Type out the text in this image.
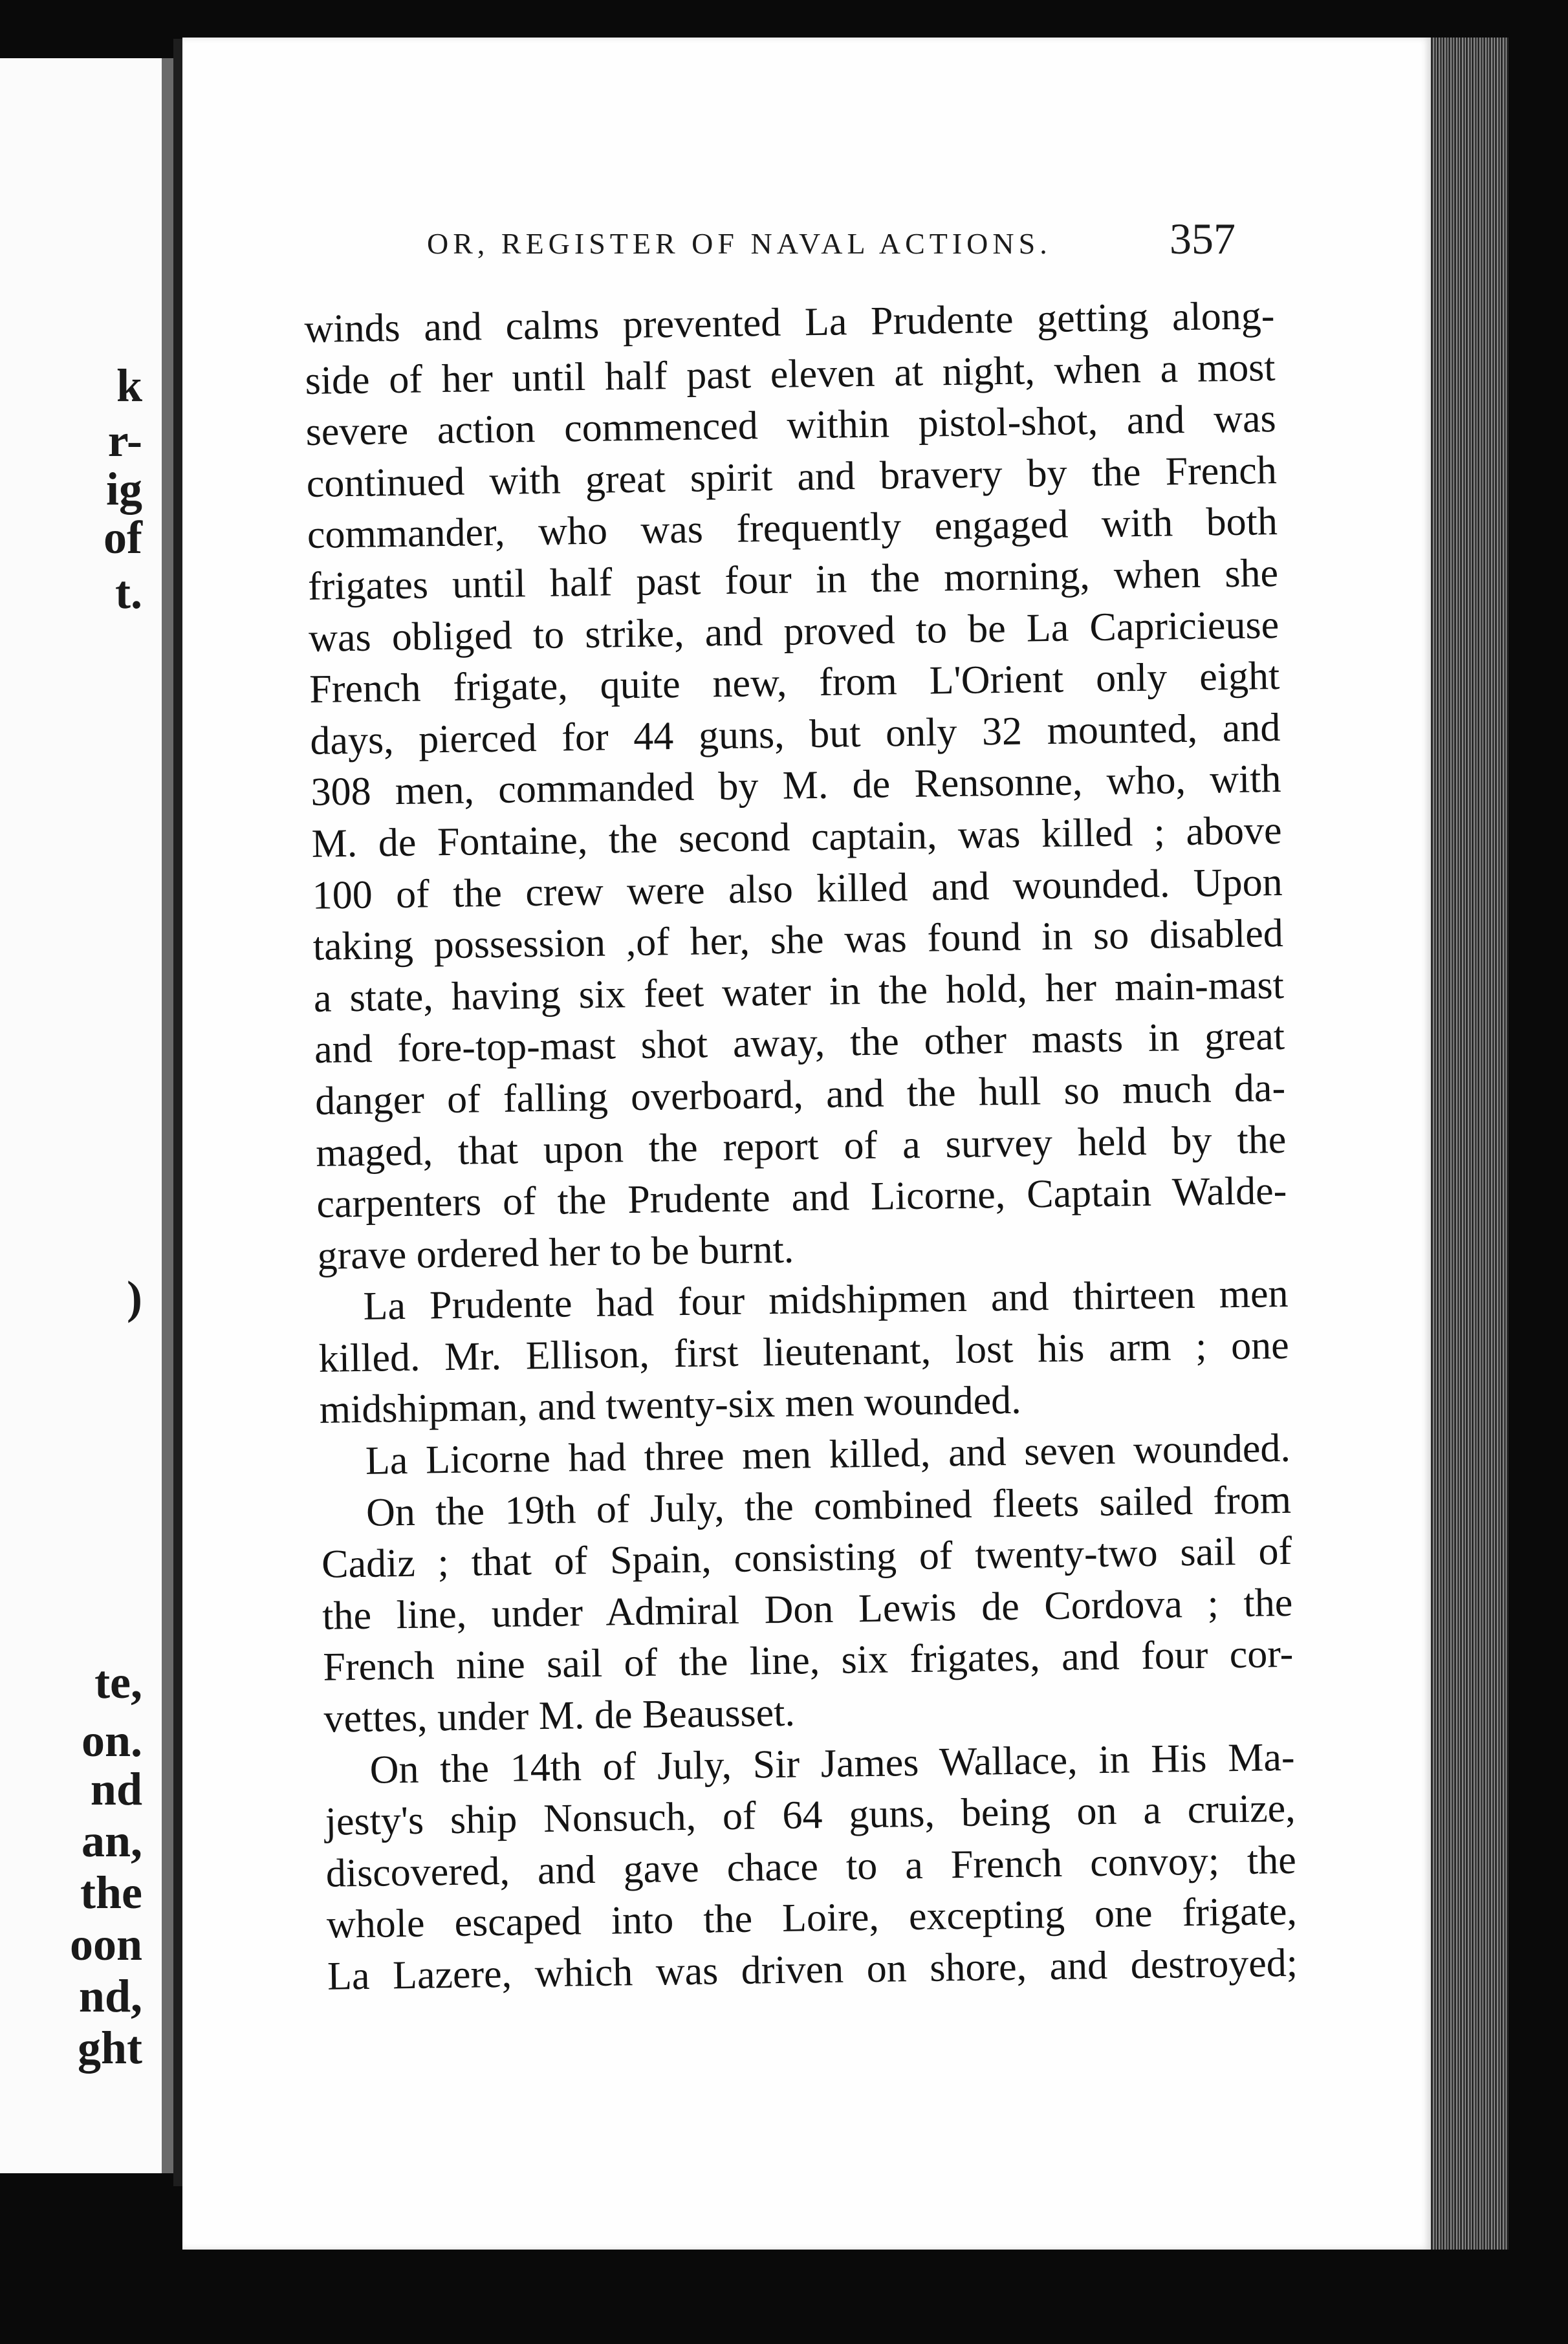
k
r-
ig
of
t.
)
te,
on.
nd
an,
the
oon
nd,
ght
OR, REGISTER OF NAVAL ACTIONS.	357
winds and calms prevented La Prudente getting along-
side of her until half past eleven at night, when a most
severe action commenced within pistol-shot, and was
continued with great spirit and bravery by the French
commander, who was frequently engaged with both
frigates until half past four in the morning, when she
was obliged to strike, and proved to be La Capricieuse
French frigate, quite new, from L'Orient only eight
days, pierced for 44 guns, but only 32 mounted, and
308 men, commanded by M. de Rensonne, who, with
M. de Fontaine, the second captain, was killed ; above
100 of the crew were also killed and wounded. Upon
taking possession ,of her, she was found in so disabled
a state, having six feet water in the hold, her main-mast
and fore-top-mast shot away, the other masts in great
danger of falling overboard, and the hull so much da-
maged, that upon the report of a survey held by the
carpenters of the Prudente and Licorne, Captain Walde-
grave ordered her to be burnt.
La Prudente had four midshipmen and thirteen men
killed. Mr. Ellison, first lieutenant, lost his arm ; one
midshipman, and twenty-six men wounded.
La Licorne had three men killed, and seven wounded.
On the 19th of July, the combined fleets sailed from
Cadiz ; that of Spain, consisting of twenty-two sail of
the line, under Admiral Don Lewis de Cordova ; the
French nine sail of the line, six frigates, and four cor-
vettes, under M. de Beausset.
On the 14th of July, Sir James Wallace, in His Ma-
jesty's ship Nonsuch, of 64 guns, being on a cruize,
discovered, and gave chace to a French convoy; the
whole escaped into the Loire, excepting one frigate,
La Lazere, which was driven on shore, and destroyed;
